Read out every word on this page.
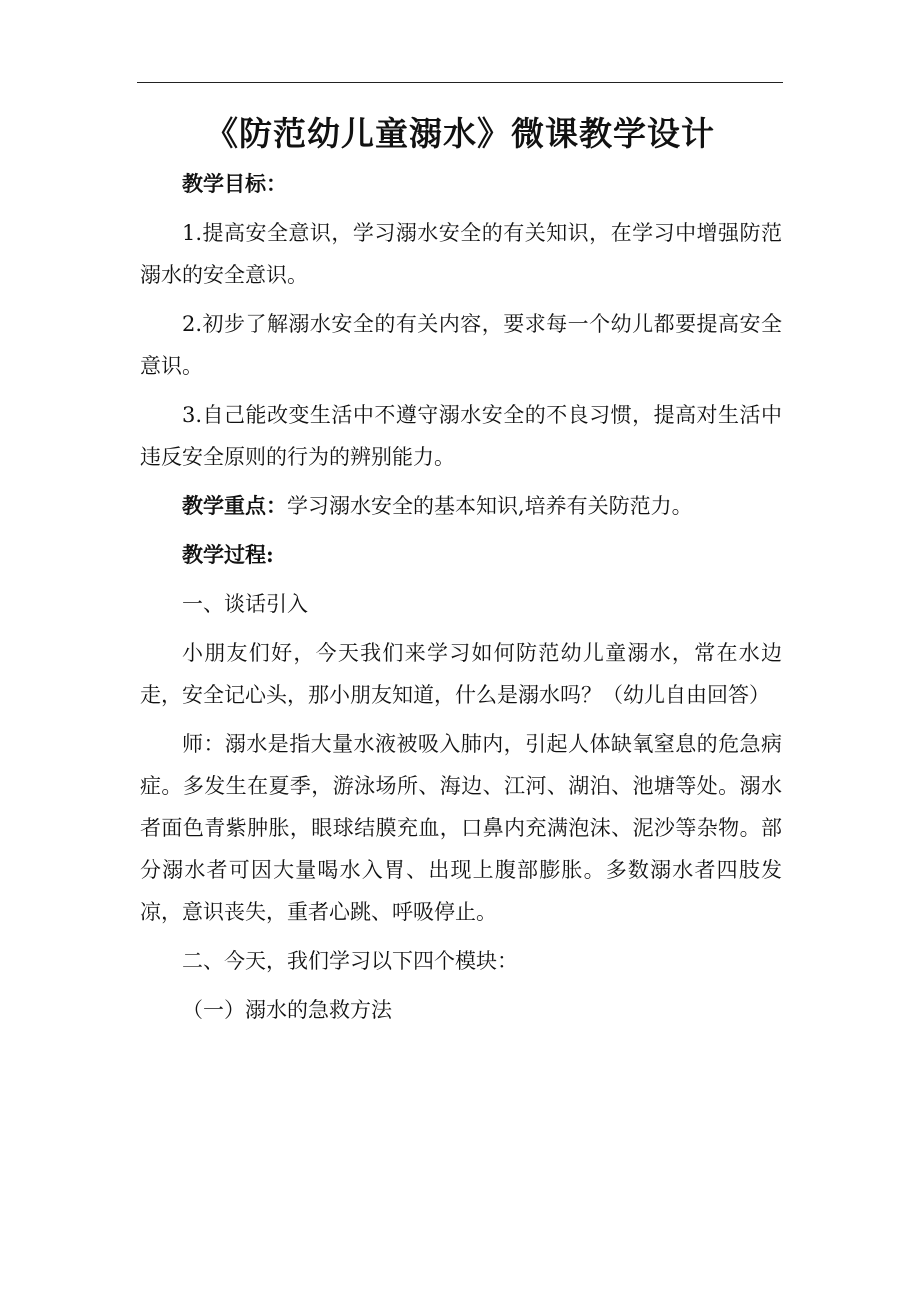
《防范幼儿童溺水》微课教学设计

教学目标：

1.提高安全意识，学习溺水安全的有关知识，在学习中增强防范溺水的安全意识。

2.初步了解溺水安全的有关内容，要求每一个幼儿都要提高安全意识。

3.自己能改变生活中不遵守溺水安全的不良习惯，提高对生活中违反安全原则的行为的辨别能力。

教学重点：学习溺水安全的基本知识,培养有关防范力。

教学过程:

一、谈话引入

小朋友们好，今天我们来学习如何防范幼儿童溺水，常在水边走，安全记心头，那小朋友知道，什么是溺水吗？（幼儿自由回答）

师：溺水是指大量水液被吸入肺内，引起人体缺氧窒息的危急病症。多发生在夏季，游泳场所、海边、江河、湖泊、池塘等处。溺水者面色青紫肿胀，眼球结膜充血，口鼻内充满泡沫、泥沙等杂物。部分溺水者可因大量喝水入胃、出现上腹部膨胀。多数溺水者四肢发凉，意识丧失，重者心跳、呼吸停止。

二、今天，我们学习以下四个模块：

（一）溺水的急救方法
